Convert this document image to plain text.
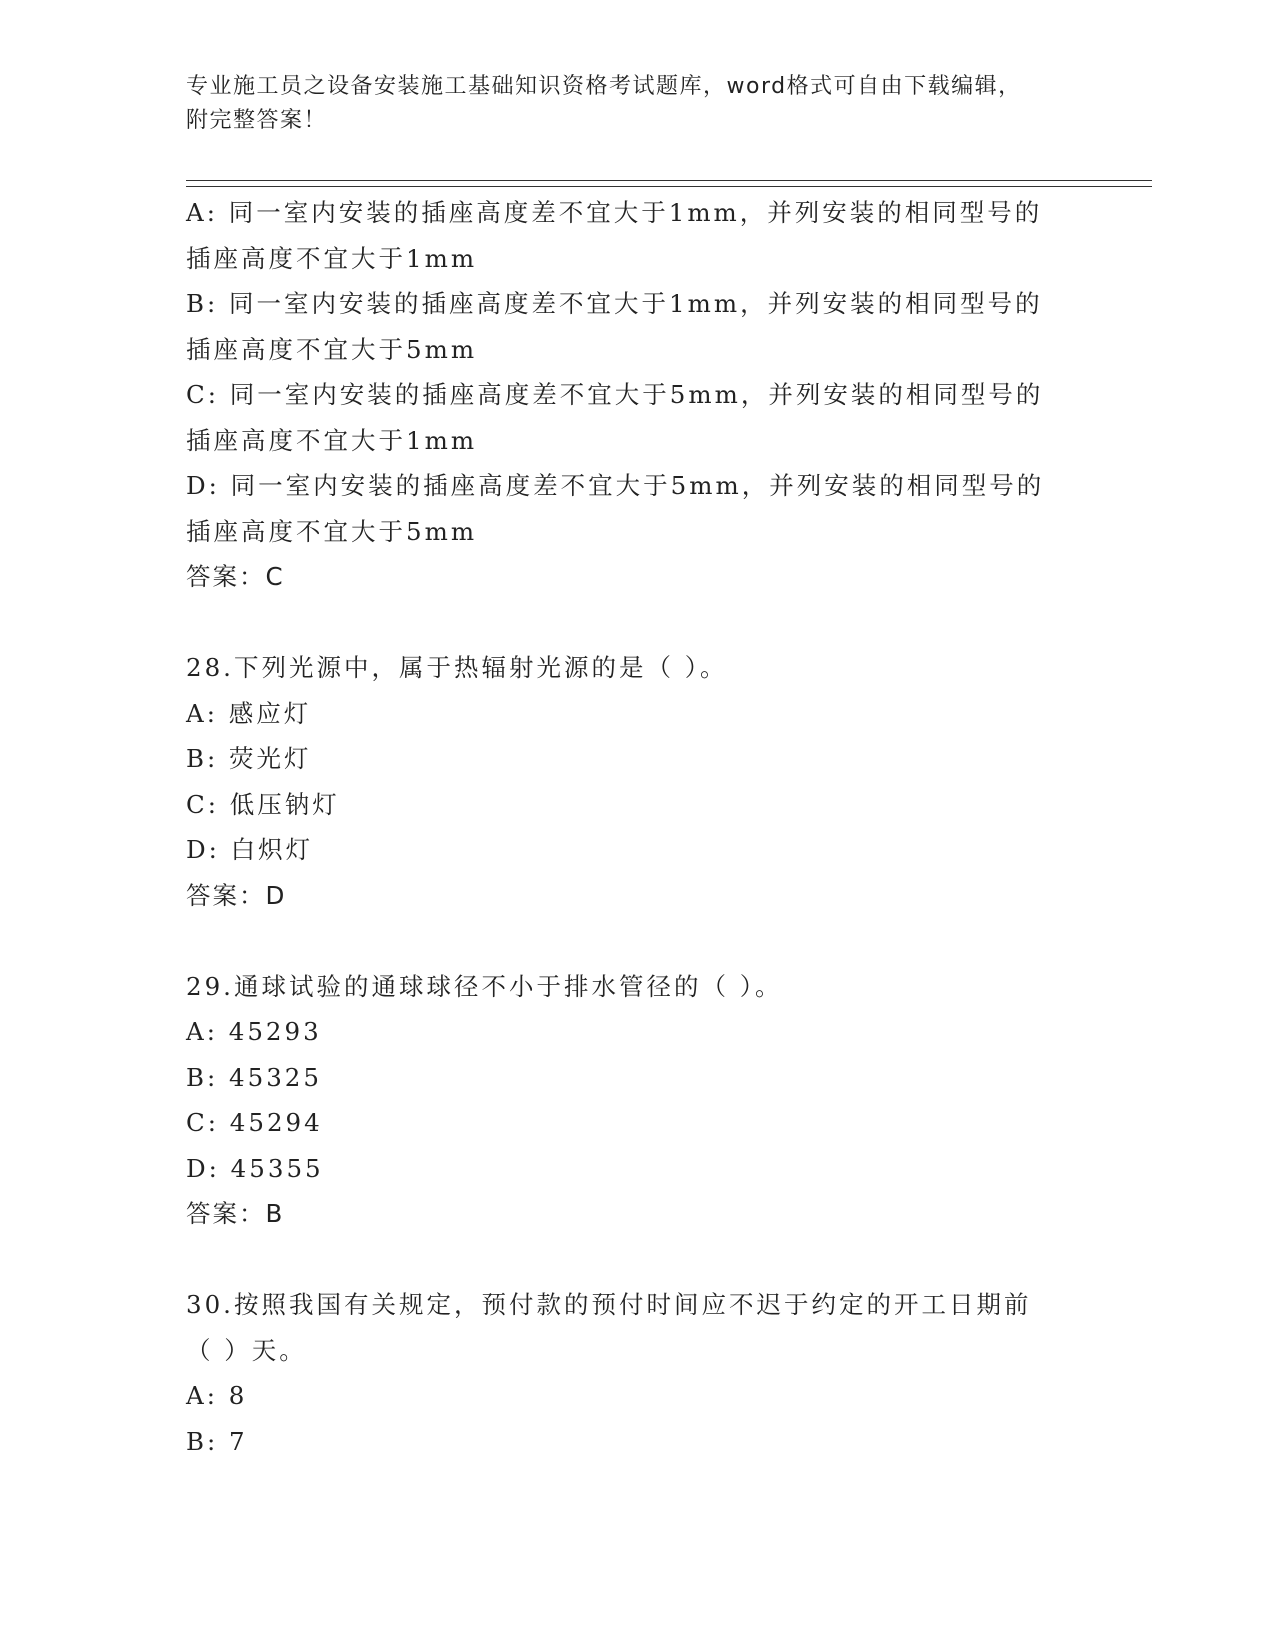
专业施工员之设备安装施工基础知识资格考试题库，word格式可自由下载编辑，
附完整答案！
A: 同一室内安装的插座高度差不宜大于1mm，并列安装的相同型号的
插座高度不宜大于1mm
B: 同一室内安装的插座高度差不宜大于1mm，并列安装的相同型号的
插座高度不宜大于5mm
C: 同一室内安装的插座高度差不宜大于5mm，并列安装的相同型号的
插座高度不宜大于1mm
D: 同一室内安装的插座高度差不宜大于5mm，并列安装的相同型号的
插座高度不宜大于5mm
答案：C
28.下列光源中，属于热辐射光源的是（ ）。
A: 感应灯
B: 荧光灯
C: 低压钠灯
D: 白炽灯
答案：D
29.通球试验的通球球径不小于排水管径的（ ）。
A: 45293
B: 45325
C: 45294
D: 45355
答案：B
30.按照我国有关规定，预付款的预付时间应不迟于约定的开工日期前
（ ）天。
A: 8
B: 7
